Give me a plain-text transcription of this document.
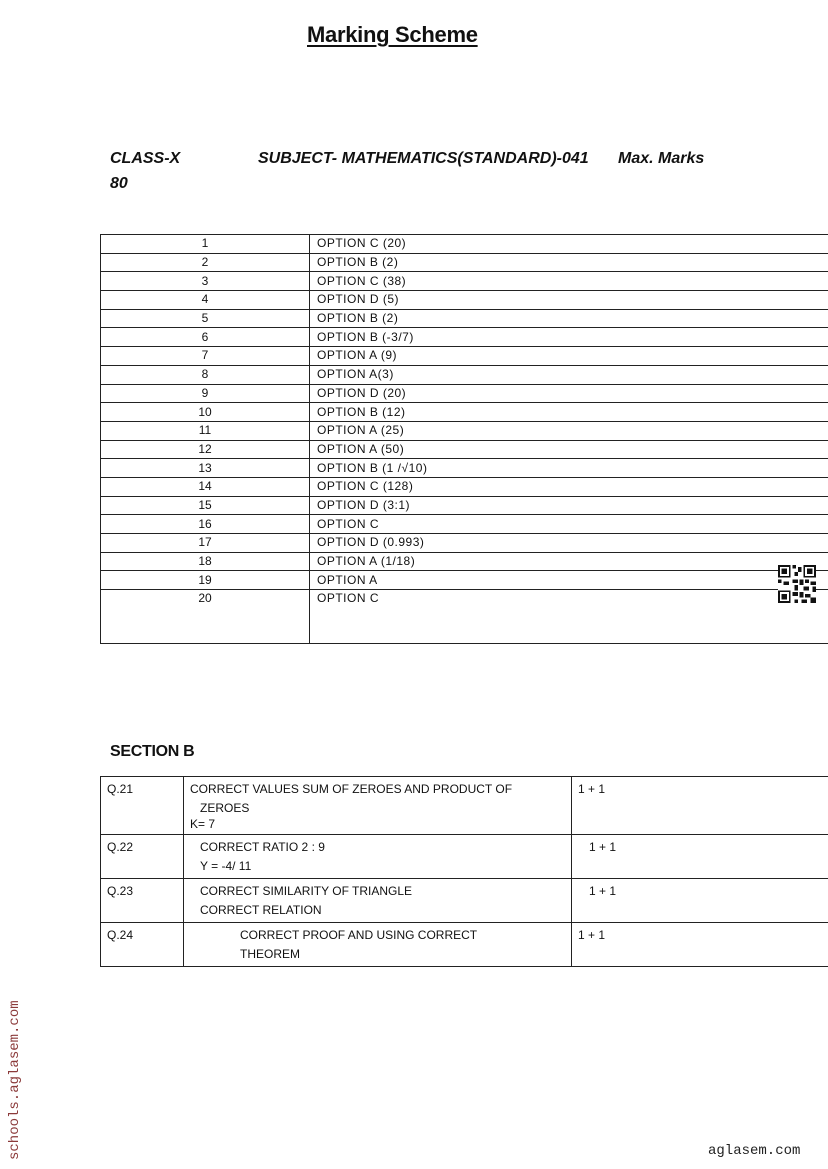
Marking Scheme
CLASS-X	SUBJECT- MATHEMATICS(STANDARD)-041 Max. Marks
80
1	OPTION C (20)
2	OPTION B (2)
3	OPTION C (38)
4	OPTION D (5)
5	OPTION B (2)
6	OPTION B (-3/7)
7	OPTION A (9)
8	OPTION A(3)
9	OPTION D (20)
10	OPTION B (12)
11	OPTION A (25)
12	OPTION A (50)
13	OPTION B (1 /√10)
14	OPTION C (128)
15	OPTION D (3:1)
16	OPTION C
17	OPTION D (0.993)
18	OPTION A (1/18)
19	OPTION A
20	OPTION C
SECTION B
Q.21	CORRECT VALUES SUM OF ZEROES AND PRODUCT OF
ZEROES
K= 7	1 + 1
Q.22	CORRECT RATIO 2 : 9
Y = -4/ 11	1 + 1
Q.23	CORRECT SIMILARITY OF TRIANGLE
CORRECT RELATION	1 + 1
Q.24	CORRECT PROOF AND USING CORRECT
THEOREM	1 + 1
schools.aglasem.com	aglasem.com
